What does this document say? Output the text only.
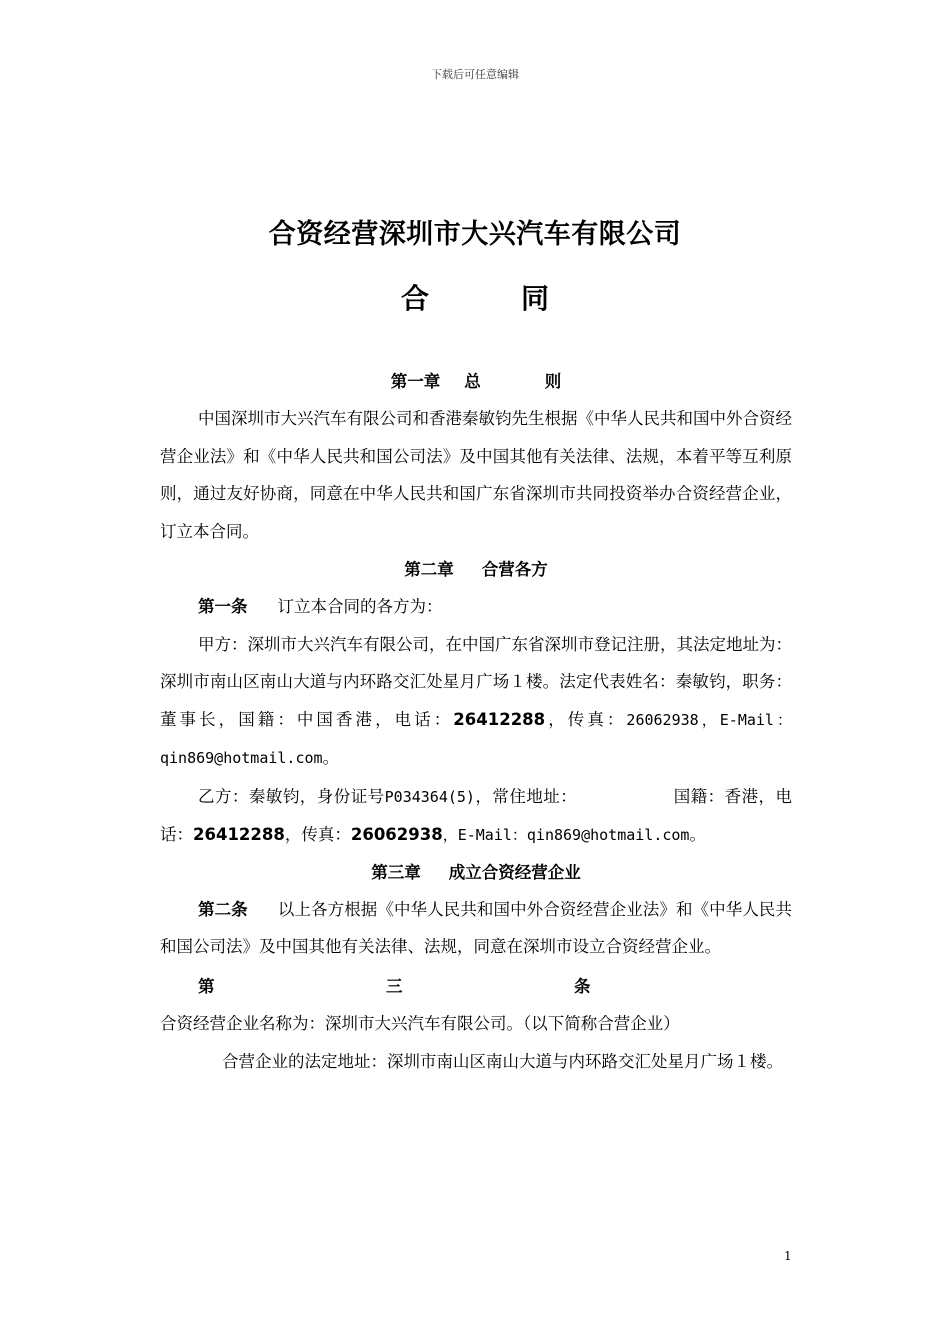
下载后可任意编辑
合资经营深圳市大兴汽车有限公司
合	同
第一章 总	则

中国深圳市大兴汽车有限公司和香港秦敏钧先生根据《中华人民共和国中外合资经营企业法》和《中华人民共和国公司法》及中国其他有关法律、法规，本着平等互利原则，通过友好协商，同意在中华人民共和国广东省深圳市共同投资举办合资经营企业，订立本合同。

第二章 合营各方

第一条 订立本合同的各方为：

甲方：深圳市大兴汽车有限公司，在中国广东省深圳市登记注册，其法定地址为：深圳市南山区南山大道与内环路交汇处星月广场１楼。法定代表姓名：秦敏钧，职务：董事长，国籍：中国香港，电话：26412288，传真：26062938，E-Mail： qin869@hotmail.com。

乙方：秦敏钧，身份证号P034364(5)，常住地址：	国籍：香港，电话：26412288，传真：26062938，E-Mail：qin869@hotmail.com。

第三章 成立合资经营企业

第二条 以上各方根据《中华人民共和国中外合资经营企业法》和《中华人民共和国公司法》及中国其他有关法律、法规，同意在深圳市设立合资经营企业。

第三条合资经营企业名称为：深圳市大兴汽车有限公司。（以下简称合营企业）

合营企业的法定地址：深圳市南山区南山大道与内环路交汇处星月广场１楼。

1
